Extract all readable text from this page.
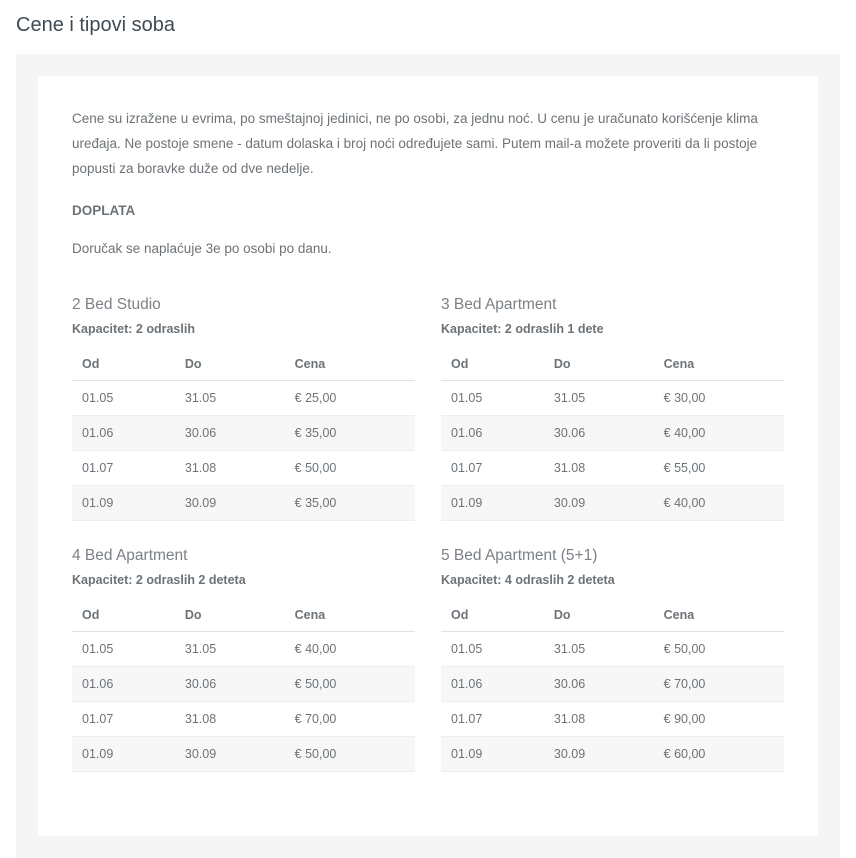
Cene i tipovi soba

Cene su izražene u evrima, po smeštajnoj jedinici, ne po osobi, za jednu noć. U cenu je uračunato korišćenje klima uređaja. Ne postoje smene - datum dolaska i broj noći određujete sami. Putem mail-a možete proveriti da li postoje popusti za boravke duže od dve nedelje.

DOPLATA

Doručak se naplaćuje 3e po osobi po danu.

2 Bed Studio
Kapacitet: 2 odraslih
Od	Do	Cena
01.05	31.05	€ 25,00
01.06	30.06	€ 35,00
01.07	31.08	€ 50,00
01.09	30.09	€ 35,00
3 Bed Apartment
Kapacitet: 2 odraslih 1 dete
Od	Do	Cena
01.05	31.05	€ 30,00
01.06	30.06	€ 40,00
01.07	31.08	€ 55,00
01.09	30.09	€ 40,00
4 Bed Apartment
Kapacitet: 2 odraslih 2 deteta
Od	Do	Cena
01.05	31.05	€ 40,00
01.06	30.06	€ 50,00
01.07	31.08	€ 70,00
01.09	30.09	€ 50,00
5 Bed Apartment (5+1)
Kapacitet: 4 odraslih 2 deteta
Od	Do	Cena
01.05	31.05	€ 50,00
01.06	30.06	€ 70,00
01.07	31.08	€ 90,00
01.09	30.09	€ 60,00
